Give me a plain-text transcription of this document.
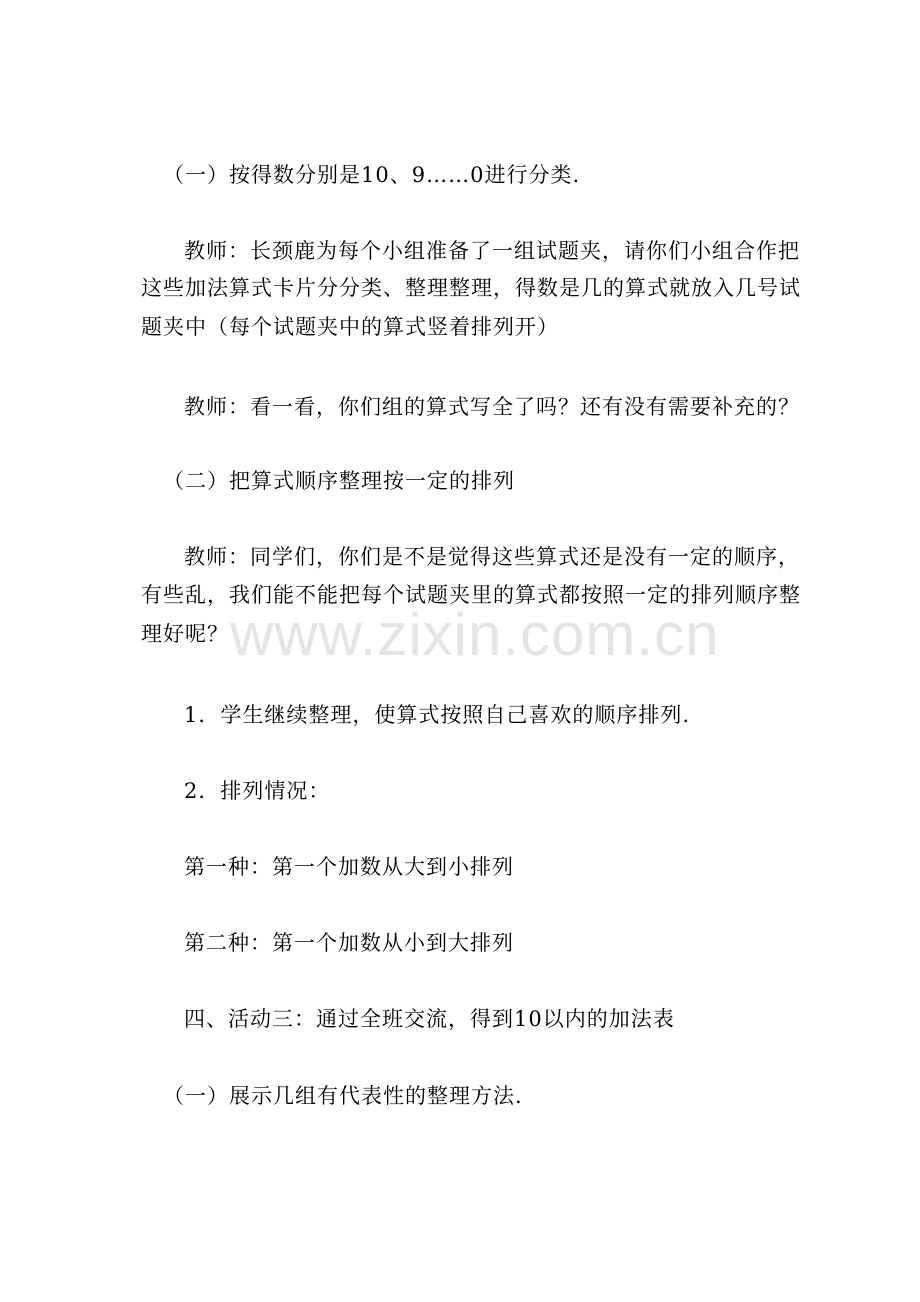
www.zixin.com.cn
（一）按得数分别是10、9……0进行分类.
教师：长颈鹿为每个小组准备了一组试题夹，请你们小组合作把
这些加法算式卡片分分类、整理整理，得数是几的算式就放入几号试
题夹中（每个试题夹中的算式竖着排列开）
教师：看一看，你们组的算式写全了吗？还有没有需要补充的？
（二）把算式顺序整理按一定的排列
教师：同学们，你们是不是觉得这些算式还是没有一定的顺序，
有些乱，我们能不能把每个试题夹里的算式都按照一定的排列顺序整
理好呢？
1．学生继续整理，使算式按照自己喜欢的顺序排列.
2．排列情况：
第一种：第一个加数从大到小排列
第二种：第一个加数从小到大排列
四、活动三：通过全班交流，得到10以内的加法表
（一）展示几组有代表性的整理方法.
